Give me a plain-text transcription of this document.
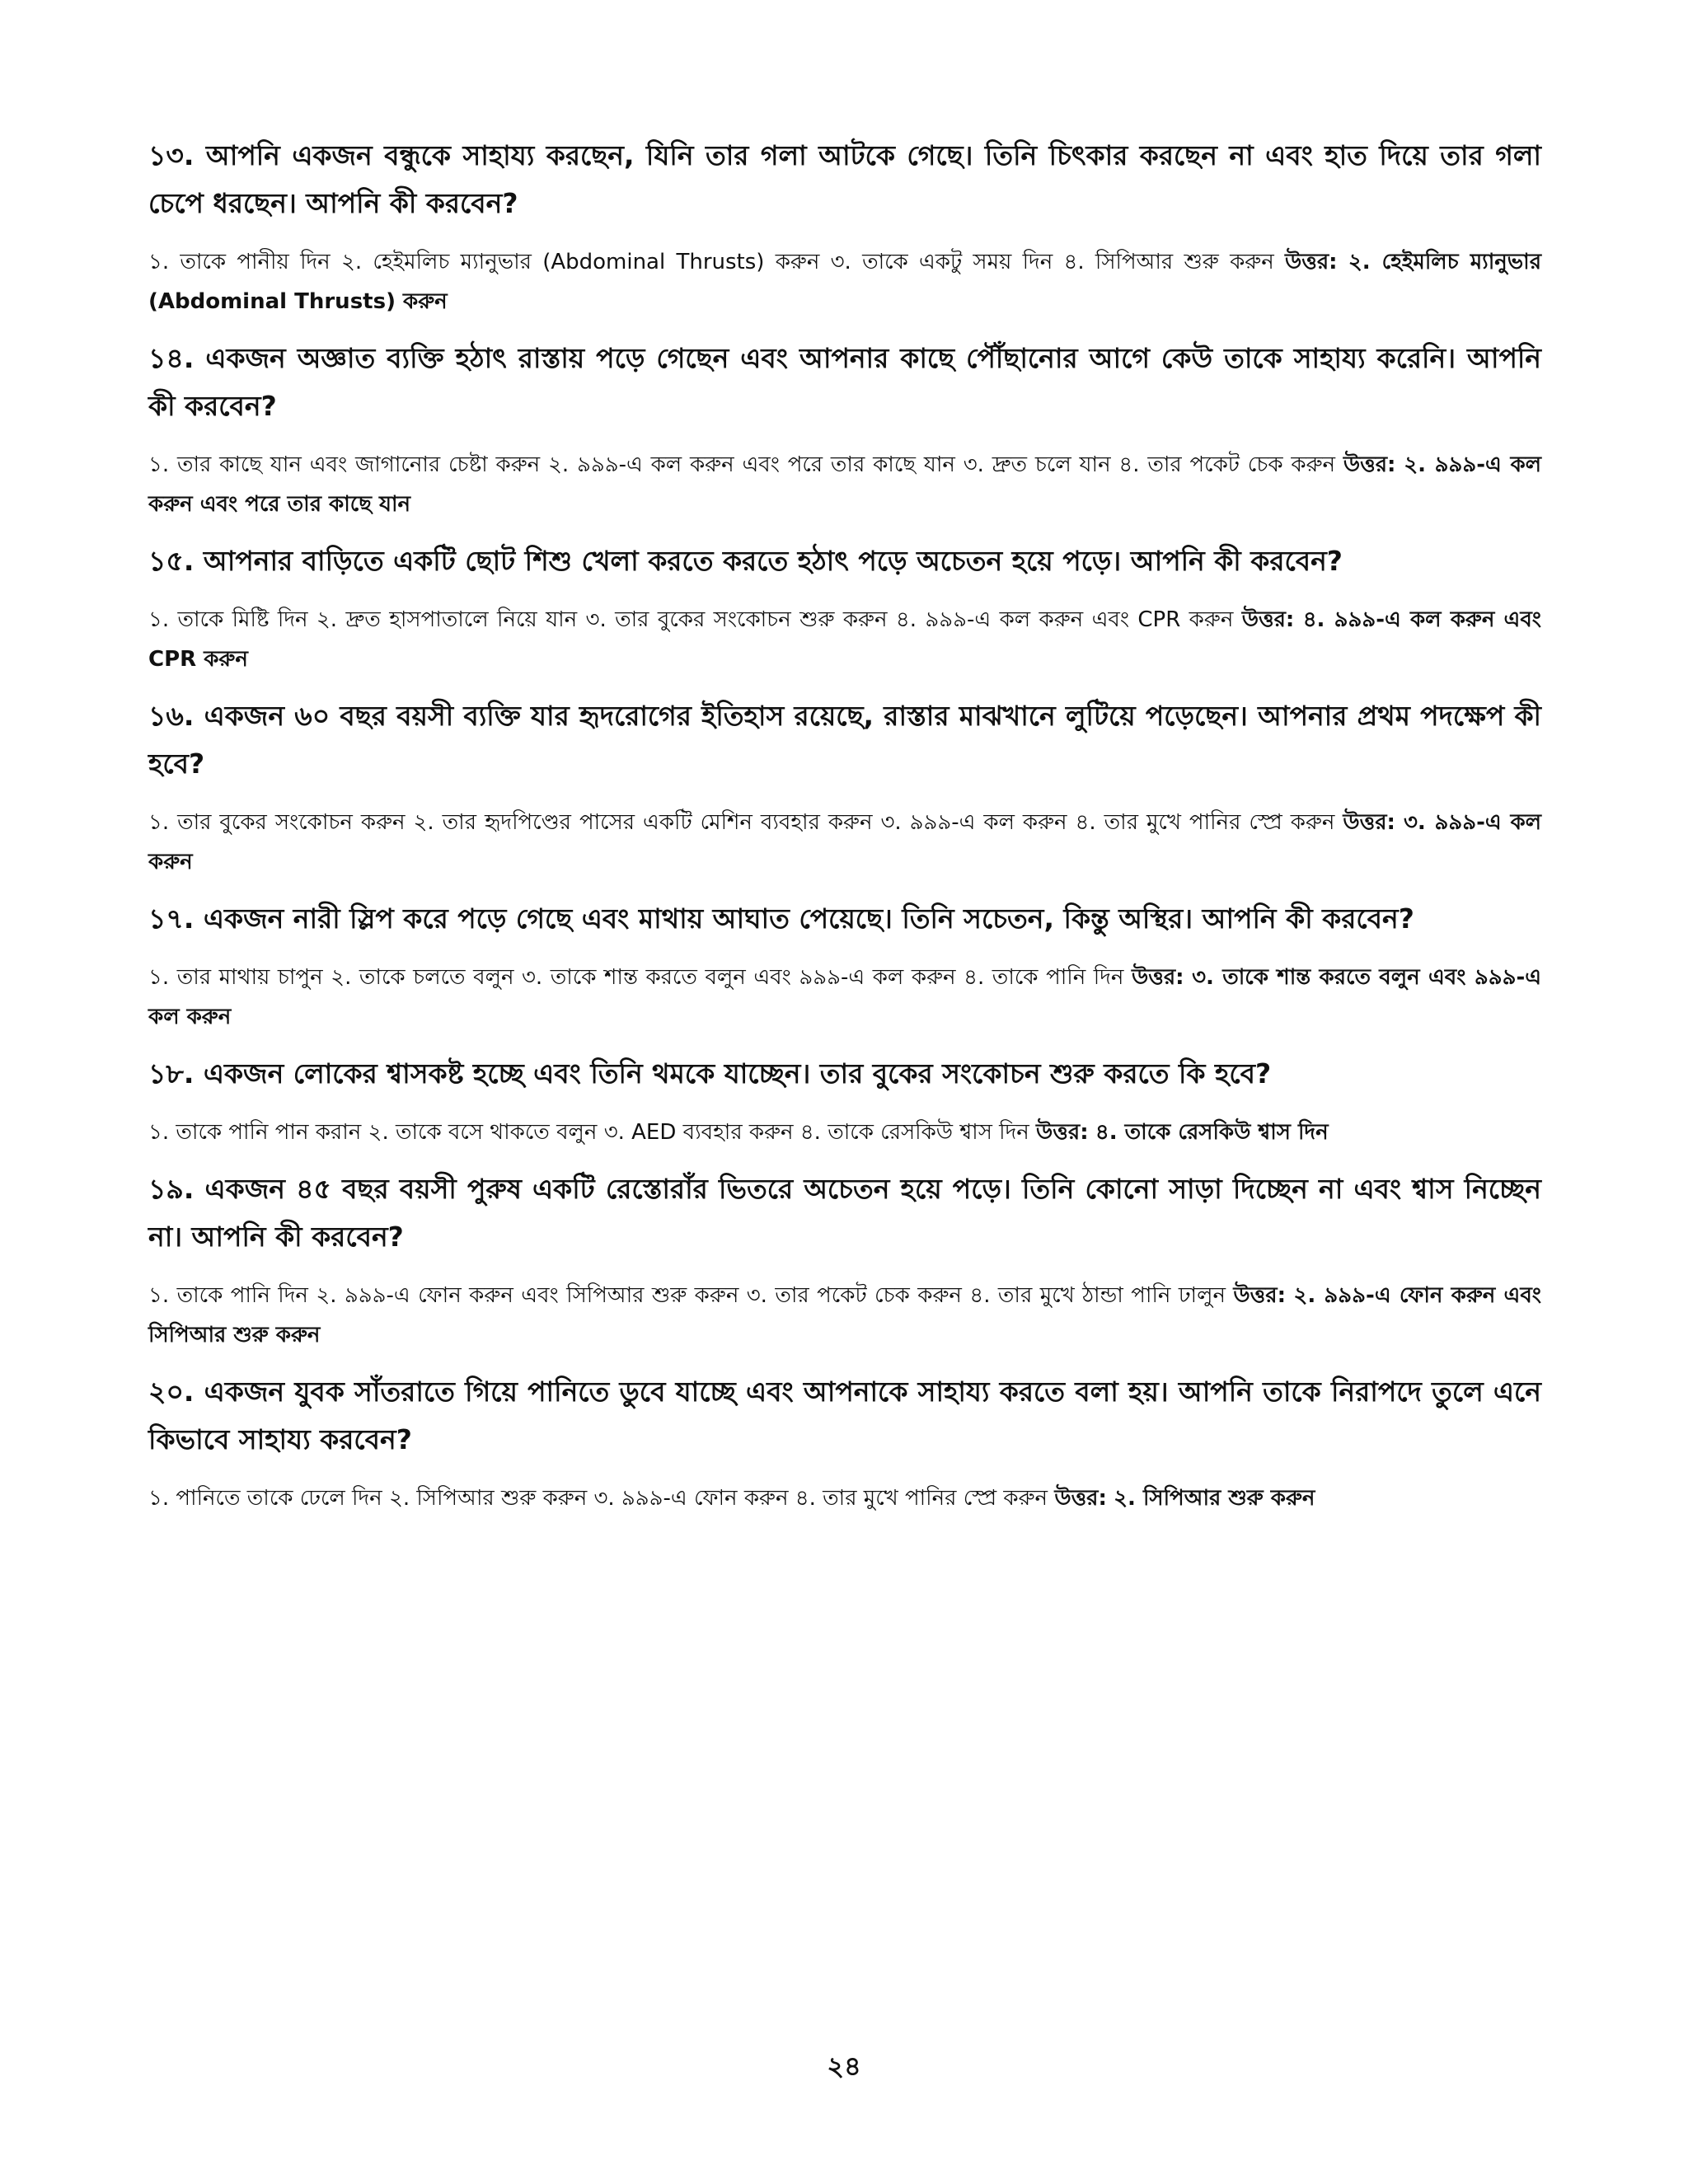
১৩. আপনি একজন বন্ধুকে সাহায্য করছেন, যিনি তার গলা আটকে গেছে। তিনি চিৎকার করছেন না এবং হাত দিয়ে তার গলা চেপে ধরছেন। আপনি কী করবেন?

১. তাকে পানীয় দিন ২. হেইমলিচ ম্যানুভার (Abdominal Thrusts) করুন ৩. তাকে একটু সময় দিন ৪. সিপিআর শুরু করুন উত্তর: ২. হেইমলিচ ম্যানুভার (Abdominal Thrusts) করুন

১৪. একজন অজ্ঞাত ব্যক্তি হঠাৎ রাস্তায় পড়ে গেছেন এবং আপনার কাছে পৌঁছানোর আগে কেউ তাকে সাহায্য করেনি। আপনি কী করবেন?

১. তার কাছে যান এবং জাগানোর চেষ্টা করুন ২. ৯৯৯-এ কল করুন এবং পরে তার কাছে যান ৩. দ্রুত চলে যান ৪. তার পকেট চেক করুন উত্তর: ২. ৯৯৯-এ কল করুন এবং পরে তার কাছে যান

১৫. আপনার বাড়িতে একটি ছোট শিশু খেলা করতে করতে হঠাৎ পড়ে অচেতন হয়ে পড়ে। আপনি কী করবেন?

১. তাকে মিষ্টি দিন ২. দ্রুত হাসপাতালে নিয়ে যান ৩. তার বুকের সংকোচন শুরু করুন ৪. ৯৯৯-এ কল করুন এবং CPR করুন উত্তর: ৪. ৯৯৯-এ কল করুন এবং CPR করুন

১৬. একজন ৬০ বছর বয়সী ব্যক্তি যার হৃদরোগের ইতিহাস রয়েছে, রাস্তার মাঝখানে লুটিয়ে পড়েছেন। আপনার প্রথম পদক্ষেপ কী হবে?

১. তার বুকের সংকোচন করুন ২. তার হৃদপিণ্ডের পাসের একটি মেশিন ব্যবহার করুন ৩. ৯৯৯-এ কল করুন ৪. তার মুখে পানির স্প্রে করুন উত্তর: ৩. ৯৯৯-এ কল করুন

১৭. একজন নারী স্লিপ করে পড়ে গেছে এবং মাথায় আঘাত পেয়েছে। তিনি সচেতন, কিন্তু অস্থির। আপনি কী করবেন?

১. তার মাথায় চাপুন ২. তাকে চলতে বলুন ৩. তাকে শান্ত করতে বলুন এবং ৯৯৯-এ কল করুন ৪. তাকে পানি দিন উত্তর: ৩. তাকে শান্ত করতে বলুন এবং ৯৯৯-এ কল করুন

১৮. একজন লোকের শ্বাসকষ্ট হচ্ছে এবং তিনি থমকে যাচ্ছেন। তার বুকের সংকোচন শুরু করতে কি হবে?

১. তাকে পানি পান করান ২. তাকে বসে থাকতে বলুন ৩. AED ব্যবহার করুন ৪. তাকে রেসকিউ শ্বাস দিন উত্তর: ৪. তাকে রেসকিউ শ্বাস দিন

১৯. একজন ৪৫ বছর বয়সী পুরুষ একটি রেস্তোরাঁর ভিতরে অচেতন হয়ে পড়ে। তিনি কোনো সাড়া দিচ্ছেন না এবং শ্বাস নিচ্ছেন না। আপনি কী করবেন?

১. তাকে পানি দিন ২. ৯৯৯-এ ফোন করুন এবং সিপিআর শুরু করুন ৩. তার পকেট চেক করুন ৪. তার মুখে ঠান্ডা পানি ঢালুন উত্তর: ২. ৯৯৯-এ ফোন করুন এবং সিপিআর শুরু করুন

২০. একজন যুবক সাঁতরাতে গিয়ে পানিতে ডুবে যাচ্ছে এবং আপনাকে সাহায্য করতে বলা হয়। আপনি তাকে নিরাপদে তুলে এনে কিভাবে সাহায্য করবেন?

১. পানিতে তাকে ঢেলে দিন ২. সিপিআর শুরু করুন ৩. ৯৯৯-এ ফোন করুন ৪. তার মুখে পানির স্প্রে করুন উত্তর: ২. সিপিআর শুরু করুন

২৪
